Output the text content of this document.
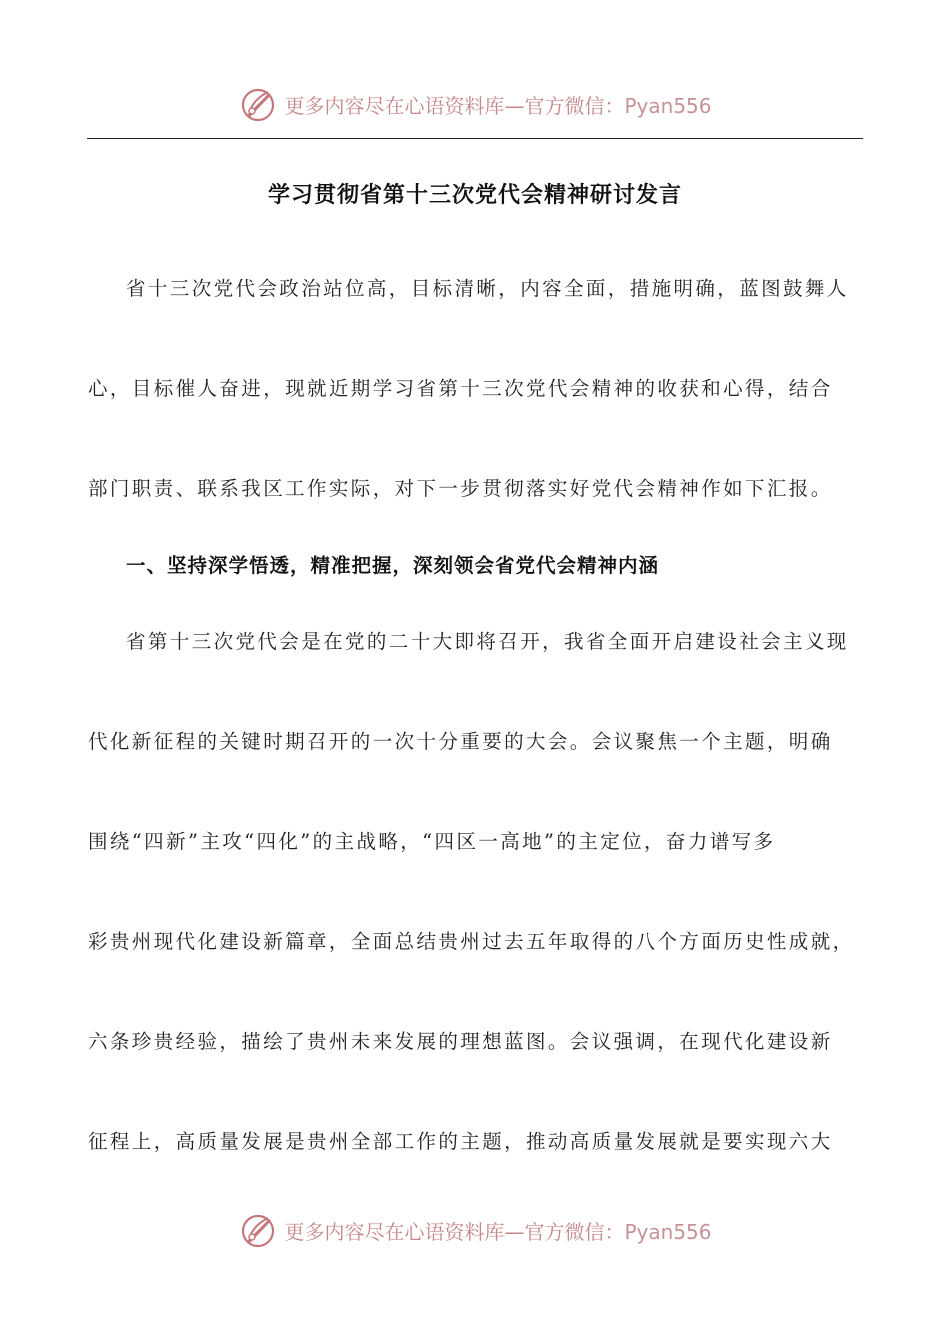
更多内容尽在心语资料库—官方微信：Pyan556
学习贯彻省第十三次党代会精神研讨发言
省十三次党代会政治站位高，目标清晰，内容全面，措施明确，蓝图鼓舞人
心，目标催人奋进，现就近期学习省第十三次党代会精神的收获和心得，结合
部门职责、联系我区工作实际，对下一步贯彻落实好党代会精神作如下汇报。
一、坚持深学悟透，精准把握，深刻领会省党代会精神内涵
省第十三次党代会是在党的二十大即将召开，我省全面开启建设社会主义现
代化新征程的关键时期召开的一次十分重要的大会。会议聚焦一个主题，明确
围绕“四新”主攻“四化”的主战略，“四区一高地”的主定位，奋力谱写多
彩贵州现代化建设新篇章，全面总结贵州过去五年取得的八个方面历史性成就，
六条珍贵经验，描绘了贵州未来发展的理想蓝图。会议强调，在现代化建设新
征程上，高质量发展是贵州全部工作的主题，推动高质量发展就是要实现六大
更多内容尽在心语资料库—官方微信：Pyan556
